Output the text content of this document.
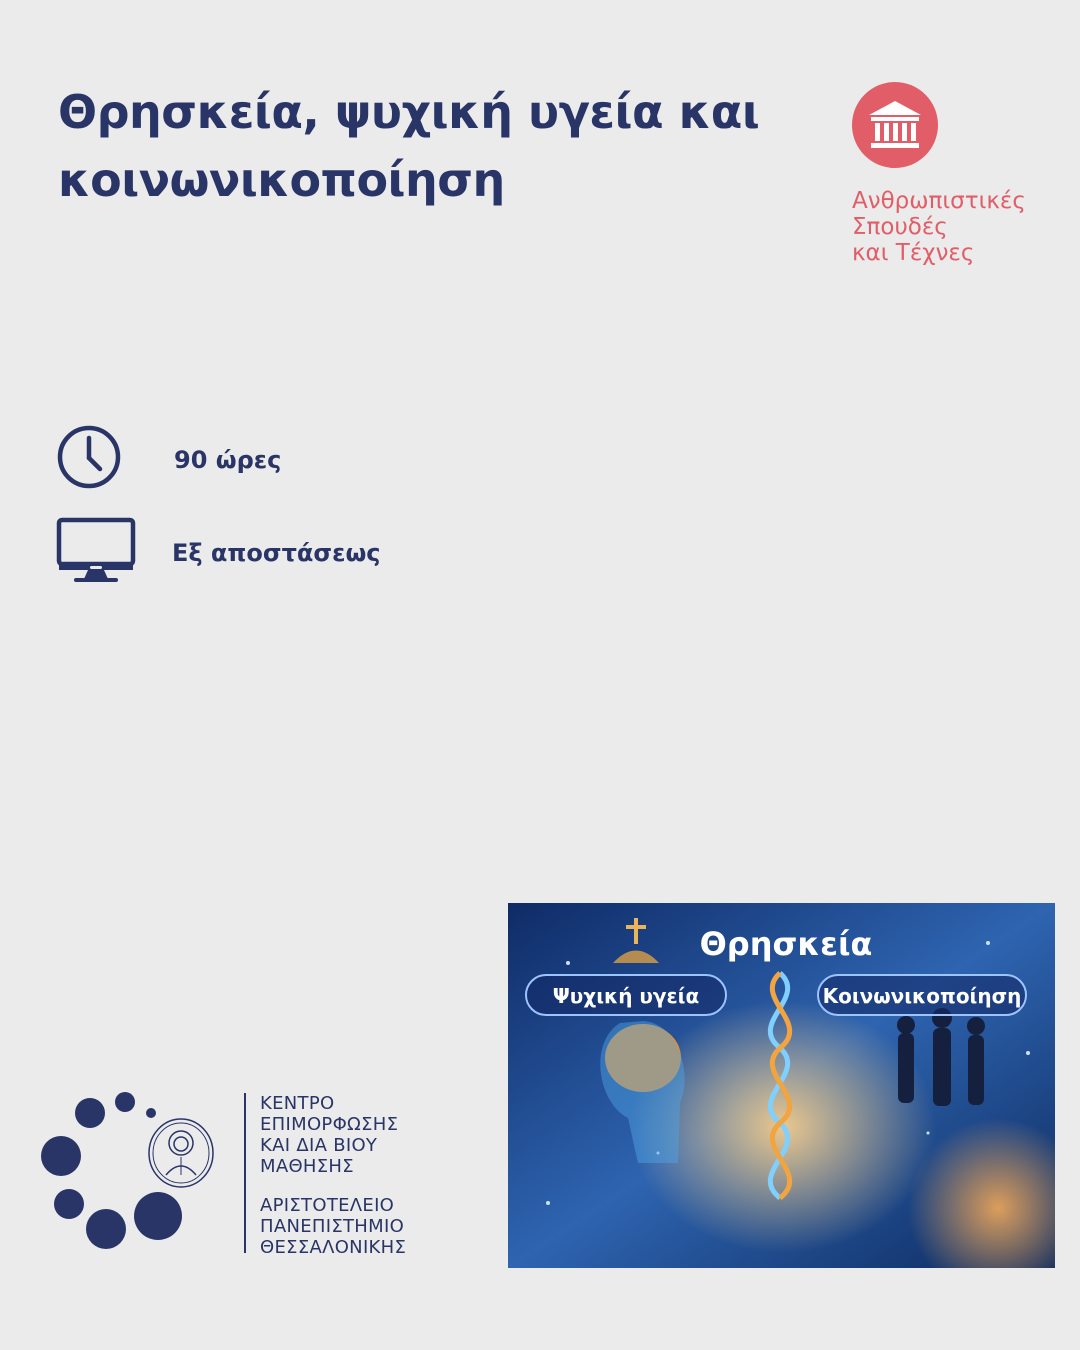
Θρησκεία, ψυχική υγεία και κοινωνικοποίηση	Ανθρωπιστικές
Σπουδές
και Τέχνες
90 ώρες
Εξ αποστάσεως
ΚΕΝΤΡΟ
ΕΠΙΜΟΡΦΩΣΗΣ
ΚΑΙ ΔΙΑ ΒΙΟΥ
ΜΑΘΗΣΗΣ
ΑΡΙΣΤΟΤΕΛΕΙΟ
ΠΑΝΕΠΙΣΤΗΜΙΟ
ΘΕΣΣΑΛΟΝΙΚΗΣ
Θρησκεία
Ψυχική υγεία	Κοινωνικοποίηση
